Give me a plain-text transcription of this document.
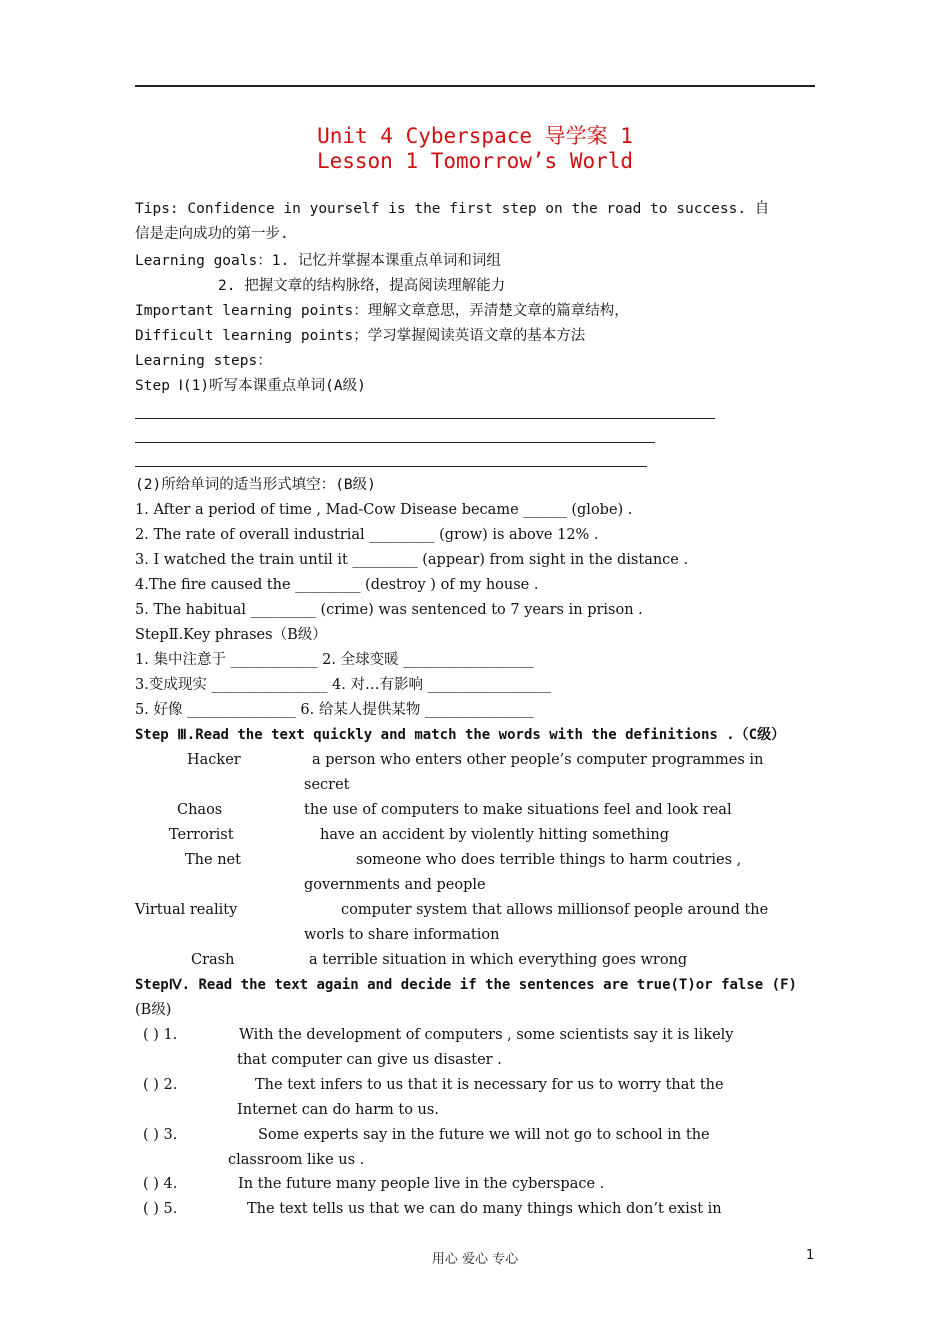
Unit 4 Cyberspace 导学案 1
Lesson 1 Tomorrow’s World
Tips: Confidence in yourself is the first step on the road to success. 自
信是走向成功的第一步.
Learning goals：1. 记忆并掌握本课重点单词和词组
2. 把握文章的结构脉络，提高阅读理解能力
Important learning points：理解文章意思，弄清楚文章的篇章结构，
Difficult learning points；学习掌握阅读英语文章的基本方法
Learning steps：
Step Ⅰ(1)听写本课重点单词(A级)
(2)所给单词的适当形式填空：(B级)
1. After a period of time , Mad-Cow Disease became ______ (globe) .
2. The rate of overall industrial _________ (grow) is above 12% .
3. I watched the train until it _________ (appear) from sight in the distance .
4.The fire caused the _________ (destroy ) of my house .
5. The habitual _________ (crime) was sentenced to 7 years in prison .
StepⅡ.Key phrases（B级）
1. 集中注意于 ____________ 2. 全球变暖 __________________
3.变成现实 ________________ 4. 对…有影响 _________________
5. 好像 _______________ 6. 给某人提供某物 _______________
Step Ⅲ.Read the text quickly and match the words with the definitions .（C级）
Hacker	a person who enters other people’s computer programmes in
secret
Chaos	the use of computers to make situations feel and look real
Terrorist	have an accident by violently hitting something
The net	someone who does terrible things to harm coutries ,
governments and people
Virtual reality	computer system that allows millionsof people around the
worls to share information
Crash	a terrible situation in which everything goes wrong
StepⅣ. Read the text again and decide if the sentences are true(T)or false (F)
(B级)
( ) 1.	With the development of computers , some scientists say it is likely
that computer can give us disaster .
( ) 2.	The text infers to us that it is necessary for us to worry that the
Internet can do harm to us.
( ) 3.	Some experts say in the future we will not go to school in the
classroom like us .
( ) 4.	In the future many people live in the cyberspace .
( ) 5.	The text tells us that we can do many things which don’t exist in
用心 爱心 专心	1
